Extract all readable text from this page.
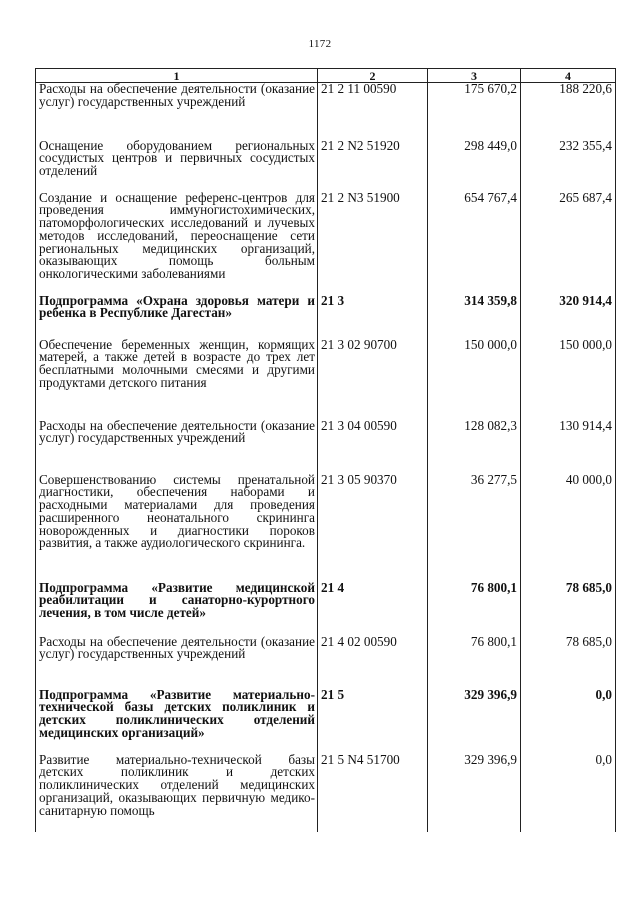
1172
1	2	3	4
Расходы на обеспечение деятельности (оказание услуг) государственных учреждений	21 2 11 00590	175 670,2	188 220,6
Оснащение оборудованием региональных сосудистых центров и первичных сосудистых отделений	21 2 N2 51920	298 449,0	232 355,4
Создание и оснащение референс-центров для проведения иммуногистохимических, патоморфологических исследований и лучевых методов исследований, переоснащение сети региональных медицинских организаций, оказывающих помощь больным онкологическими заболеваниями	21 2 N3 51900	654 767,4	265 687,4
Подпрограмма «Охрана здоровья матери и ребенка в Республике Дагестан»	21 3	314 359,8	320 914,4
Обеспечение беременных женщин, кормящих матерей, а также детей в возрасте до трех лет бесплатными молочными смесями и другими продуктами детского питания	21 3 02 90700	150 000,0	150 000,0
Расходы на обеспечение деятельности (оказание услуг) государственных учреждений	21 3 04 00590	128 082,3	130 914,4
Совершенствованию системы пренатальной диагностики, обеспечения наборами и расходными материалами для проведения расширенного неонатального скрининга новорожденных и диагностики пороков развития, а также аудиологического скрининга.	21 3 05 90370	36 277,5	40 000,0
Подпрограмма «Развитие медицинской реабилитации и санаторно-курортного лечения, в том числе детей»	21 4	76 800,1	78 685,0
Расходы на обеспечение деятельности (оказание услуг) государственных учреждений	21 4 02 00590	76 800,1	78 685,0
Подпрограмма «Развитие материально-технической базы детских поликлиник и детских поликлинических отделений медицинских организаций»	21 5	329 396,9	0,0
Развитие материально-технической базы детских поликлиник и детских поликлинических отделений медицинских организаций, оказывающих первичную медико-санитарную помощь	21 5 N4 51700	329 396,9	0,0
